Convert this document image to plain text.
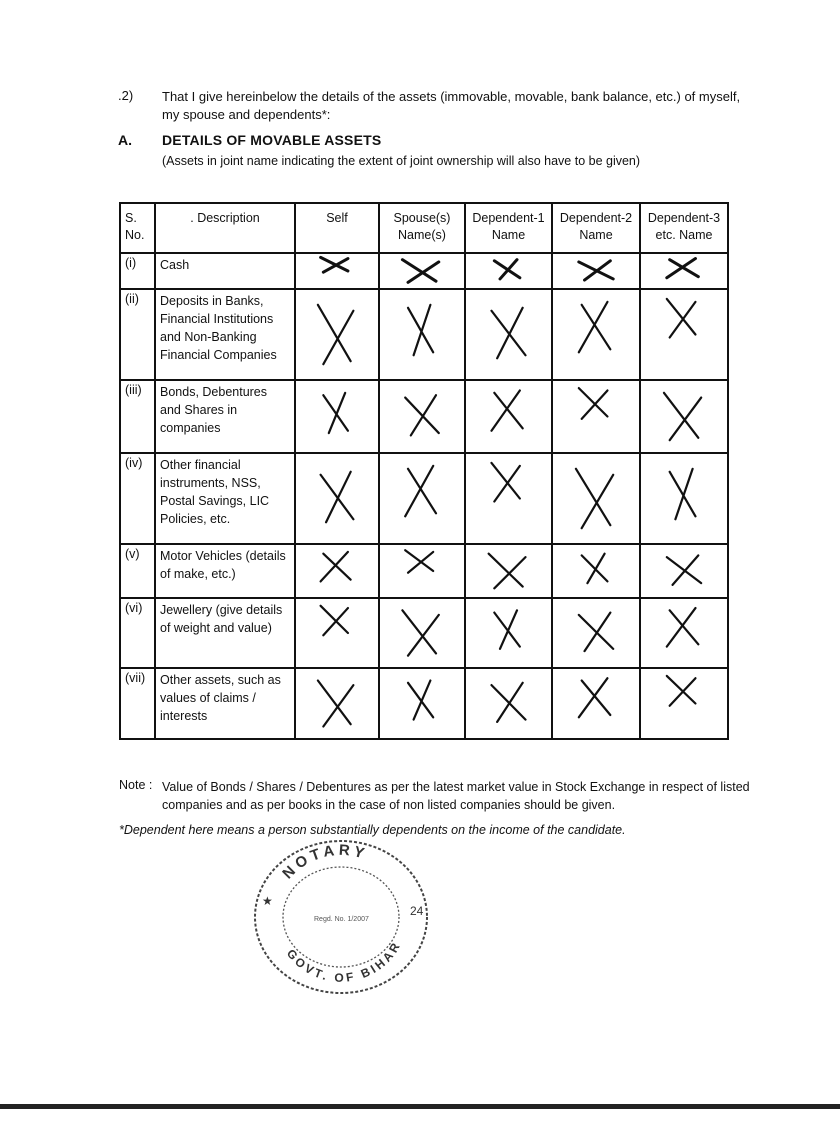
.2) That I give hereinbelow the details of the assets (immovable, movable, bank balance, etc.) of myself, my spouse and dependents*:
A. DETAILS OF MOVABLE ASSETS
(Assets in joint name indicating the extent of joint ownership will also have to be given)
S. No.	. Description	Self	Spouse(s) Name(s)	Dependent-1 Name	Dependent-2 Name	Dependent-3 etc. Name
(i)	Cash	

(ii)	Deposits in Banks, Financial Institutions and Non-Banking Financial Companies	

(iii)	Bonds, Debentures and Shares in companies	

(iv)	Other financial instruments, NSS, Postal Savings, LIC Policies, etc.	

(v)	Motor Vehicles (details of make, etc.)	

(vi)	Jewellery (give details of weight and value)	

(vii)	Other assets, such as values of claims / interests	

Note : Value of Bonds / Shares / Debentures as per the latest market value in Stock Exchange in respect of listed companies and as per books in the case of non listed companies should be given.
*Dependent here means a person substantially dependents on the income of the candidate.
NOTARY
GOVT. OF BIHAR
Regd. No. 1/2007
24
★
